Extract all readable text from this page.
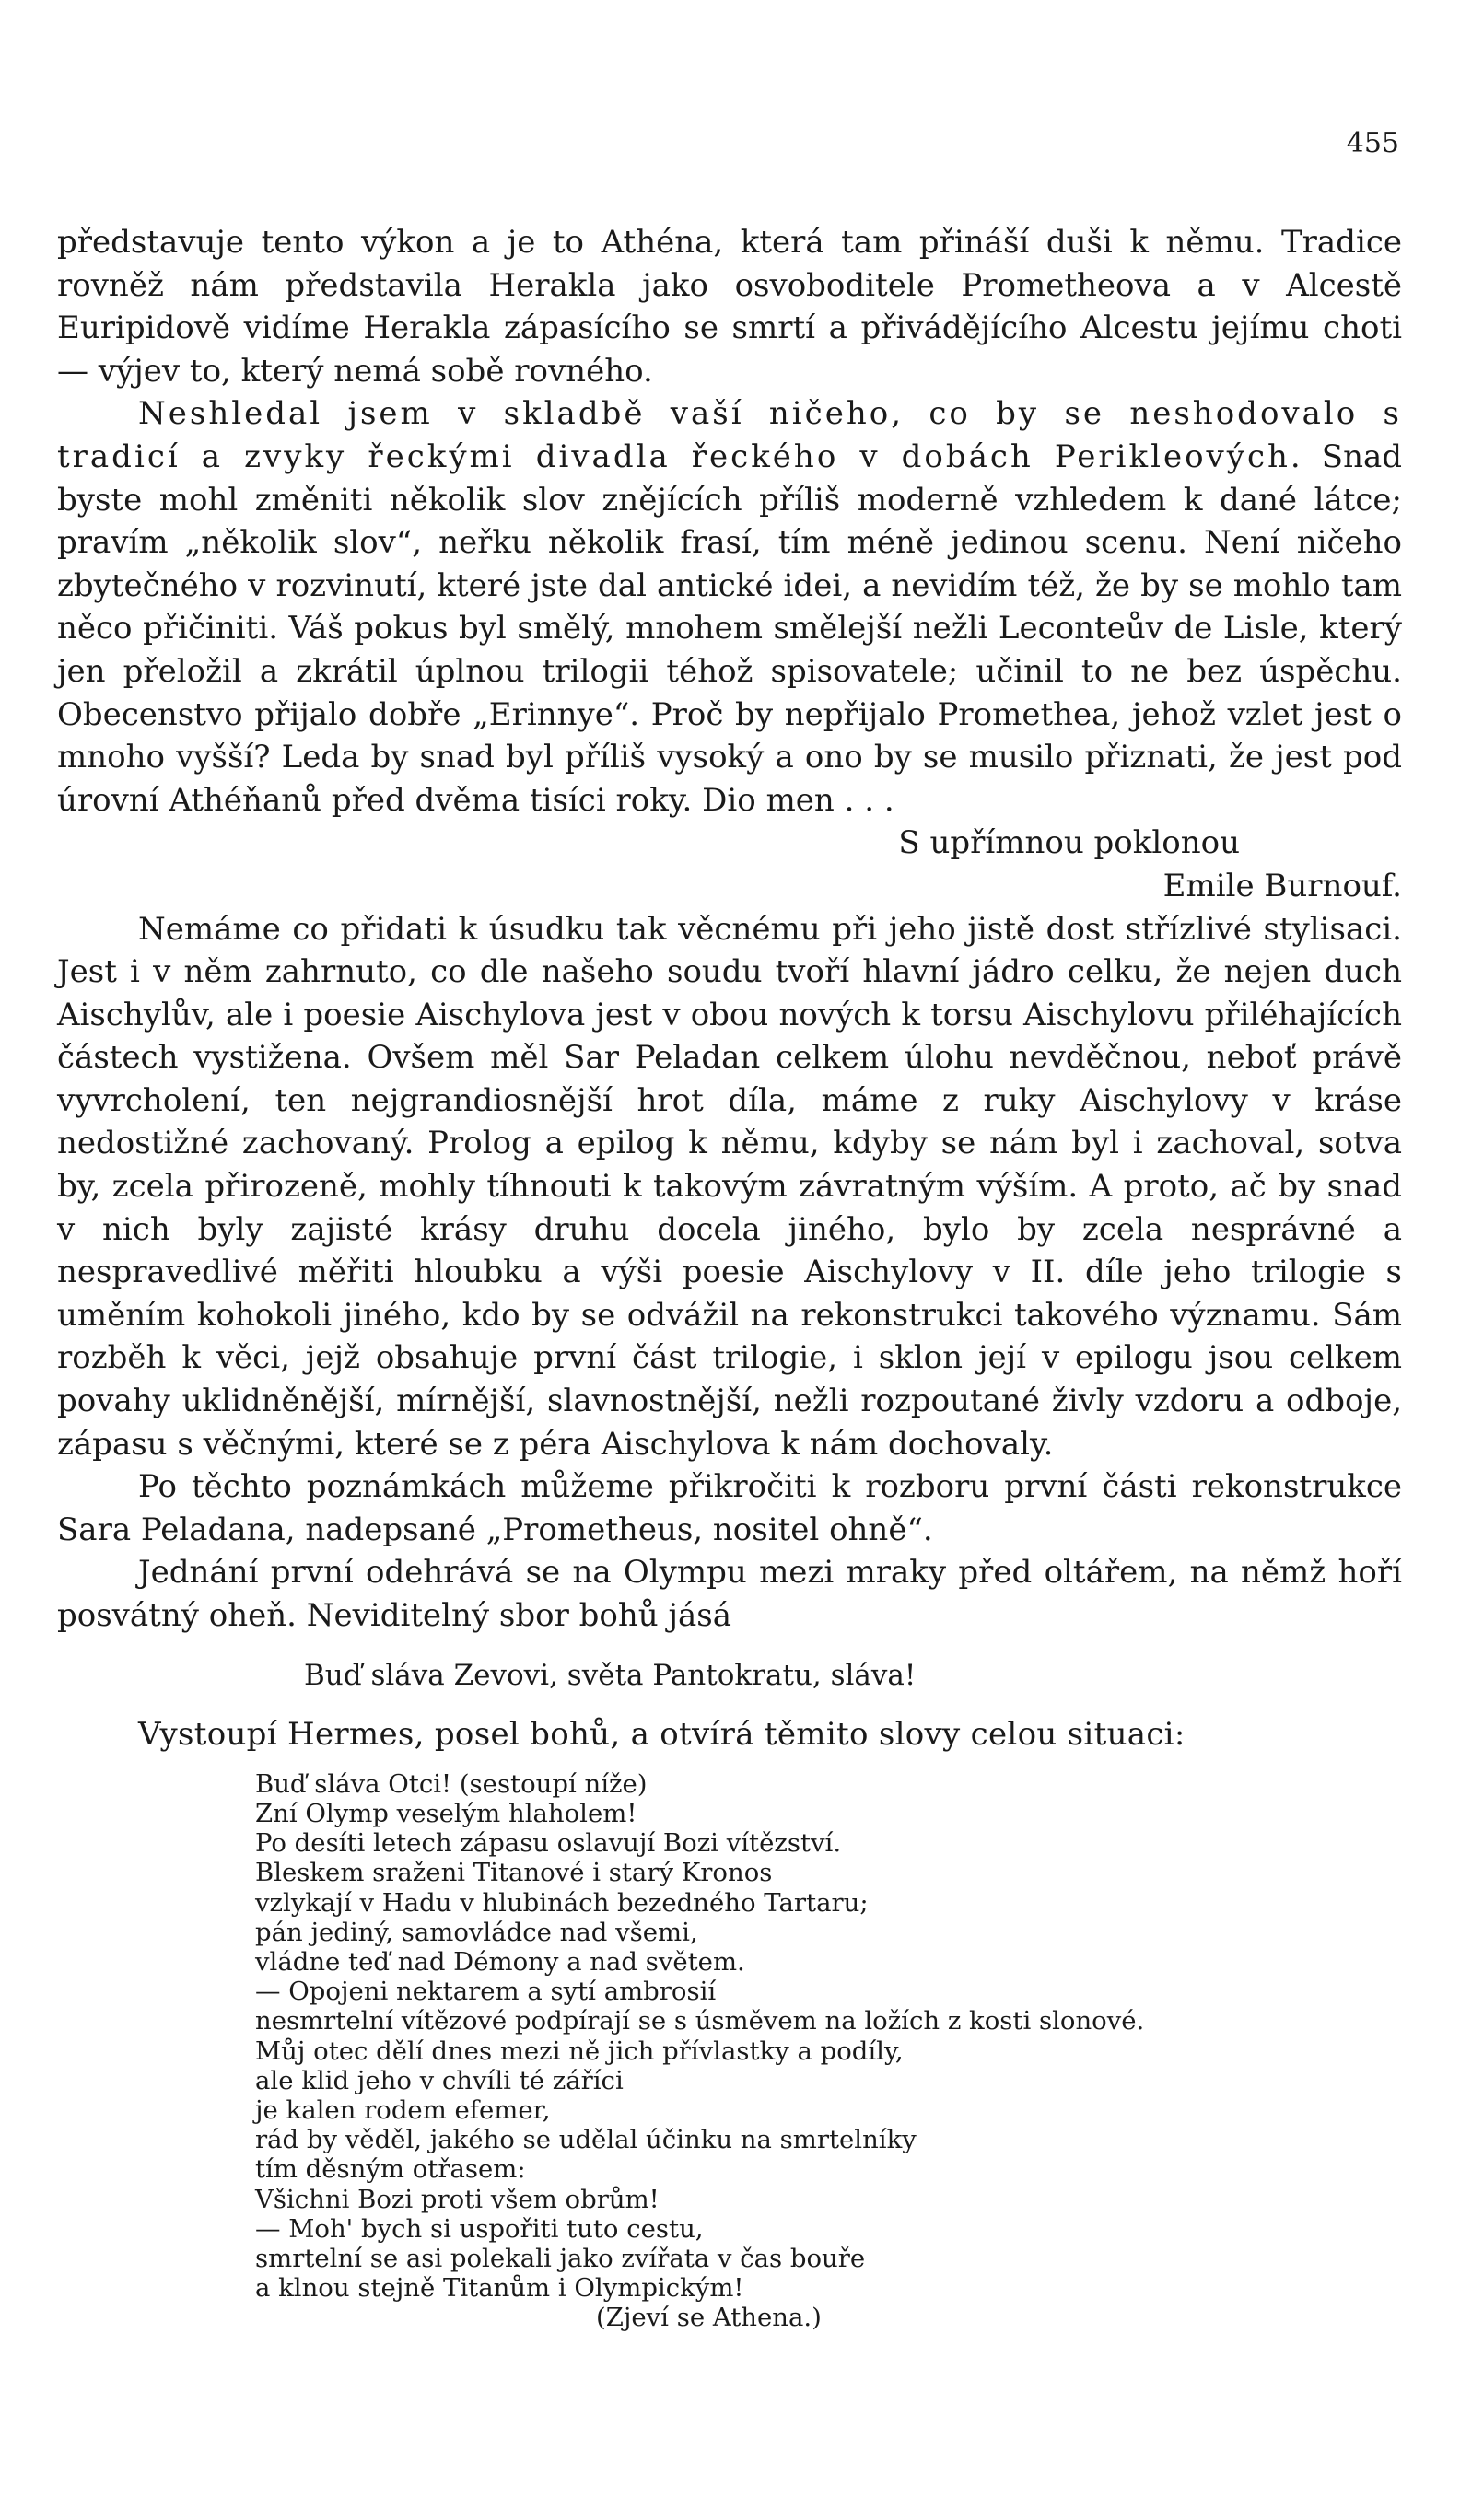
455

představuje tento výkon a je to Athéna, která tam přináší duši k němu. Tradice rovněž nám představila Herakla jako osvoboditele Prometheova a v Alcestě Euripidově vidíme Herakla zápasícího se smrtí a přivádějícího Alcestu jejímu choti — výjev to, který nemá sobě rovného.

Neshledal jsem v skladbě vaší ničeho, co by se neshodovalo s tradicí a zvyky řeckými divadla řeckého v dobách Perikleových. Snad byste mohl změniti několik slov znějících příliš moderně vzhledem k dané látce; pravím „několik slov“, neřku několik frasí, tím méně jedinou scenu. Není ničeho zbytečného v rozvinutí, které jste dal antické idei, a nevidím též, že by se mohlo tam něco přičiniti. Váš pokus byl smělý, mnohem smělejší nežli Leconteův de Lisle, který jen přeložil a zkrátil úplnou trilogii téhož spisovatele; učinil to ne bez úspěchu. Obecenstvo přijalo dobře „Erinnye“. Proč by nepřijalo Promethea, jehož vzlet jest o mnoho vyšší? Leda by snad byl příliš vysoký a ono by se musilo přiznati, že jest pod úrovní Athéňanů před dvěma tisíci roky. Dio men . . .

S upřímnou poklonou

Emile Burnouf.

Nemáme co přidati k úsudku tak věcnému při jeho jistě dost střízlivé stylisaci. Jest i v něm zahrnuto, co dle našeho soudu tvoří hlavní jádro celku, že nejen duch Aischylův, ale i poesie Aischylova jest v obou nových k torsu Aischylovu přiléhajících částech vystižena. Ovšem měl Sar Peladan celkem úlohu nevděčnou, neboť právě vyvrcholení, ten nejgrandiosnější hrot díla, máme z ruky Aischylovy v kráse nedostižné zachovaný. Prolog a epilog k němu, kdyby se nám byl i zachoval, sotva by, zcela přirozeně, mohly tíhnouti k takovým závratným výším. A proto, ač by snad v nich byly zajisté krásy druhu docela jiného, bylo by zcela nesprávné a nespravedlivé měřiti hloubku a výši poesie Aischylovy v II. díle jeho trilogie s uměním kohokoli jiného, kdo by se odvážil na rekonstrukci takového významu. Sám rozběh k věci, jejž obsahuje první část trilogie, i sklon její v epilogu jsou celkem povahy uklidněnější, mírnější, slavnostnější, nežli rozpoutané živly vzdoru a odboje, zápasu s věčnými, které se z péra Aischylova k nám dochovaly.

Po těchto poznámkách můžeme přikročiti k rozboru první části rekonstrukce Sara Peladana, nadepsané „Prometheus, nositel ohně“.

Jednání první odehrává se na Olympu mezi mraky před oltářem, na němž hoří posvátný oheň. Neviditelný sbor bohů jásá

Buď sláva Zevovi, světa Pantokratu, sláva!

Vystoupí Hermes, posel bohů, a otvírá těmito slovy celou situaci:

Buď sláva Otci! (sestoupí níže)
Zní Olymp veselým hlaholem!
Po desíti letech zápasu oslavují Bozi vítězství.
Bleskem sraženi Titanové i starý Kronos
vzlykají v Hadu v hlubinách bezedného Tartaru;
pán jediný, samovládce nad všemi,
vládne teď nad Démony a nad světem.
— Opojeni nektarem a sytí ambrosií
nesmrtelní vítězové podpírají se s úsměvem na ložích z kosti slonové.
Můj otec dělí dnes mezi ně jich přívlastky a podíly,
ale klid jeho v chvíli té záříci
je kalen rodem efemer,
rád by věděl, jakého se udělal účinku na smrtelníky
tím děsným otřasem:
Všichni Bozi proti všem obrům!
— Moh' bych si uspořiti tuto cestu,
smrtelní se asi polekali jako zvířata v čas bouře
a klnou stejně Titanům i Olympickým!
(Zjeví se Athena.)
